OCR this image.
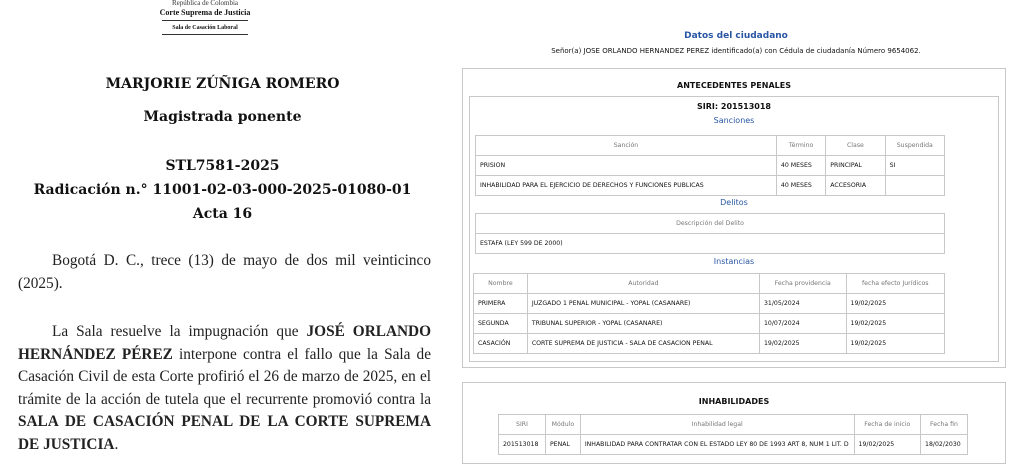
República de Colombia
Corte Suprema de Justicia
Sala de Casación Laboral
MARJORIE ZÚÑIGA ROMERO
Magistrada ponente
STL7581-2025
Radicación n.° 11001-02-03-000-2025-01080-01
Acta 16
Bogotá D. C., trece (13) de mayo de dos mil veinticinco (2025).
La Sala resuelve la impugnación que JOSÉ ORLANDO HERNÁNDEZ PÉREZ interpone contra el fallo que la Sala de Casación Civil de esta Corte profirió el 26 de marzo de 2025, en el trámite de la acción de tutela que el recurrente promovió contra la SALA DE CASACIÓN PENAL DE LA CORTE SUPREMA DE JUSTICIA.
Datos del ciudadano
Señor(a) JOSE ORLANDO HERNANDEZ PEREZ identificado(a) con Cédula de ciudadanía Número 9654062.
ANTECEDENTES PENALES
SIRI: 201513018
Sanciones
Sanción	Término	Clase	Suspendida
PRISION	40 MESES	PRINCIPAL	SI
INHABILIDAD PARA EL EJERCICIO DE DERECHOS Y FUNCIONES PUBLICAS	40 MESES	ACCESORIA	
Delitos
Descripción del Delito
ESTAFA (LEY 599 DE 2000)
Instancias
Nombre	Autoridad	Fecha providencia	fecha efecto Jurídicos
PRIMERA	JUZGADO 1 PENAL MUNICIPAL - YOPAL (CASANARE)	31/05/2024	19/02/2025
SEGUNDA	TRIBUNAL SUPERIOR - YOPAL (CASANARE)	10/07/2024	19/02/2025
CASACIÓN	CORTE SUPREMA DE JUSTICIA - SALA DE CASACION PENAL	19/02/2025	19/02/2025
INHABILIDADES
SIRI	Módulo	Inhabilidad legal	Fecha de inicio	Fecha fin
201513018	PENAL	INHABILIDAD PARA CONTRATAR CON EL ESTADO LEY 80 DE 1993 ART 8, NUM 1 LIT. D	19/02/2025	18/02/2030
